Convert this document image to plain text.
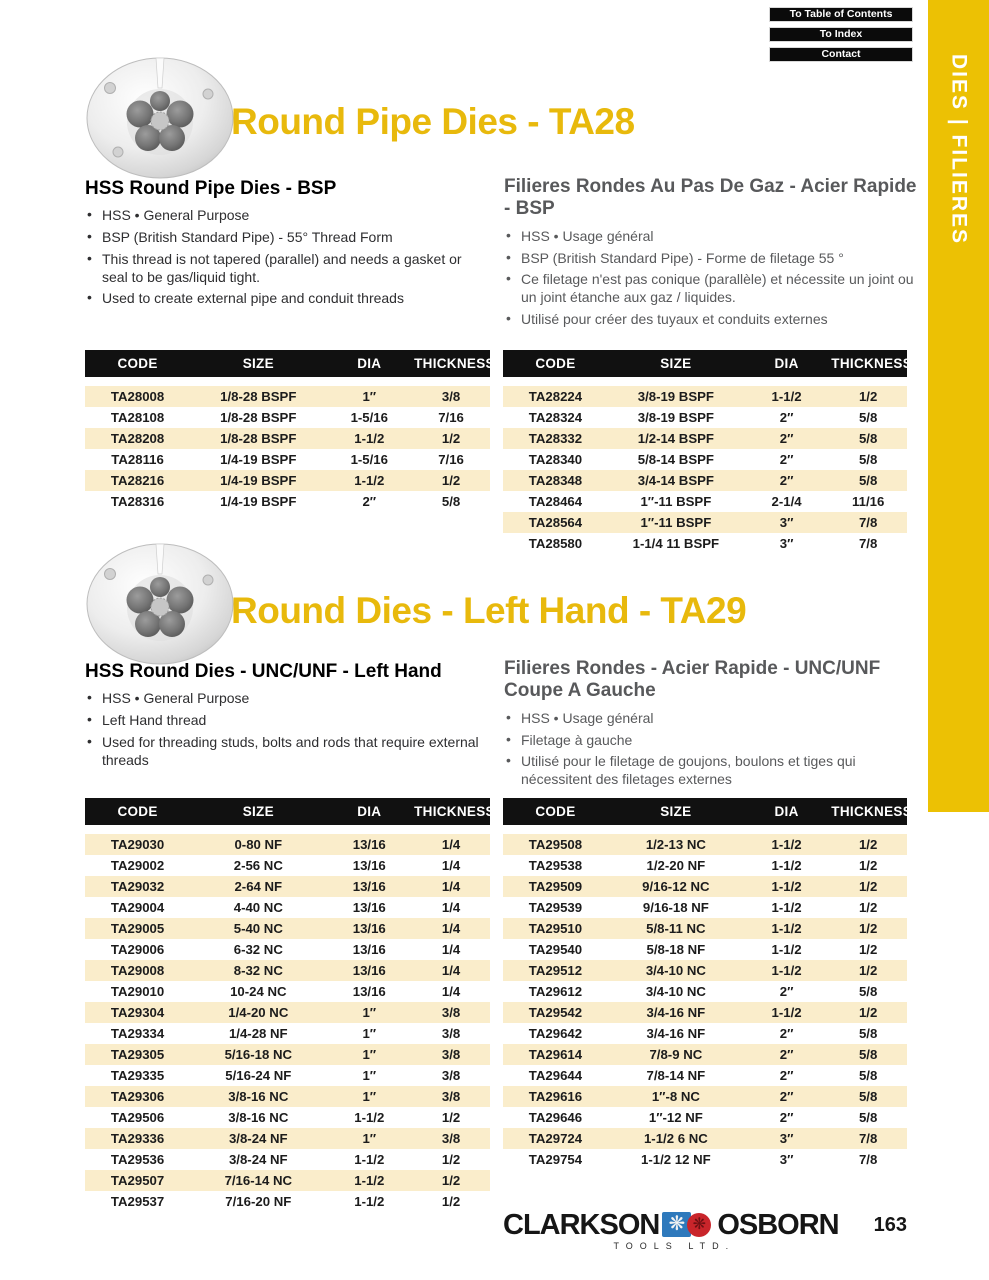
To Table of Contents
To Index
Contact	DIES | FILIERES
Round Pipe Dies - TA28
HSS Round Pipe Dies - BSP
• HSS • General Purpose
• BSP (British Standard Pipe) - 55° Thread Form
• This thread is not tapered (parallel) and needs a gasket or seal to be gas/liquid tight.
• Used to create external pipe and conduit threads
Filieres Rondes Au Pas De Gaz - Acier Rapide - BSP
• HSS • Usage général
• BSP (British Standard Pipe) - Forme de filetage 55 °
• Ce filetage n'est pas conique (parallèle) et nécessite un joint ou un joint étanche aux gaz / liquides.
• Utilisé pour créer des tuyaux et conduits externes
CODE	SIZE	DIA	THICKNESS
TA28008	1/8-28 BSPF	1″	3/8
TA28108	1/8-28 BSPF	1-5/16	7/16
TA28208	1/8-28 BSPF	1-1/2	1/2
TA28116	1/4-19 BSPF	1-5/16	7/16
TA28216	1/4-19 BSPF	1-1/2	1/2
TA28316	1/4-19 BSPF	2″	5/8
CODE	SIZE	DIA	THICKNESS
TA28224	3/8-19 BSPF	1-1/2	1/2
TA28324	3/8-19 BSPF	2″	5/8
TA28332	1/2-14 BSPF	2″	5/8
TA28340	5/8-14 BSPF	2″	5/8
TA28348	3/4-14 BSPF	2″	5/8
TA28464	1″-11 BSPF	2-1/4	11/16
TA28564	1″-11 BSPF	3″	7/8
TA28580	1-1/4 11 BSPF	3″	7/8
Round Dies - Left Hand - TA29
HSS Round Dies - UNC/UNF - Left Hand
• HSS • General Purpose
• Left Hand thread
• Used for threading studs, bolts and rods that require external threads
Filieres Rondes - Acier Rapide - UNC/UNF Coupe A Gauche
• HSS • Usage général
• Filetage à gauche
• Utilisé pour le filetage de goujons, boulons et tiges qui nécessitent des filetages externes
CODE	SIZE	DIA	THICKNESS
TA29030	0-80 NF	13/16	1/4
TA29002	2-56 NC	13/16	1/4
TA29032	2-64 NF	13/16	1/4
TA29004	4-40 NC	13/16	1/4
TA29005	5-40 NC	13/16	1/4
TA29006	6-32 NC	13/16	1/4
TA29008	8-32 NC	13/16	1/4
TA29010	10-24 NC	13/16	1/4
TA29304	1/4-20 NC	1″	3/8
TA29334	1/4-28 NF	1″	3/8
TA29305	5/16-18 NC	1″	3/8
TA29335	5/16-24 NF	1″	3/8
TA29306	3/8-16 NC	1″	3/8
TA29506	3/8-16 NC	1-1/2	1/2
TA29336	3/8-24 NF	1″	3/8
TA29536	3/8-24 NF	1-1/2	1/2
TA29507	7/16-14 NC	1-1/2	1/2
TA29537	7/16-20 NF	1-1/2	1/2
CODE	SIZE	DIA	THICKNESS
TA29508	1/2-13 NC	1-1/2	1/2
TA29538	1/2-20 NF	1-1/2	1/2
TA29509	9/16-12 NC	1-1/2	1/2
TA29539	9/16-18 NF	1-1/2	1/2
TA29510	5/8-11 NC	1-1/2	1/2
TA29540	5/8-18 NF	1-1/2	1/2
TA29512	3/4-10 NC	1-1/2	1/2
TA29612	3/4-10 NC	2″	5/8
TA29542	3/4-16 NF	1-1/2	1/2
TA29642	3/4-16 NF	2″	5/8
TA29614	7/8-9 NC	2″	5/8
TA29644	7/8-14 NF	2″	5/8
TA29616	1″-8 NC	2″	5/8
TA29646	1″-12 NF	2″	5/8
TA29724	1-1/2 6 NC	3″	7/8
TA29754	1-1/2 12 NF	3″	7/8
CLARKSON ❋ ❋ OSBORN
TOOLS LTD.
163
